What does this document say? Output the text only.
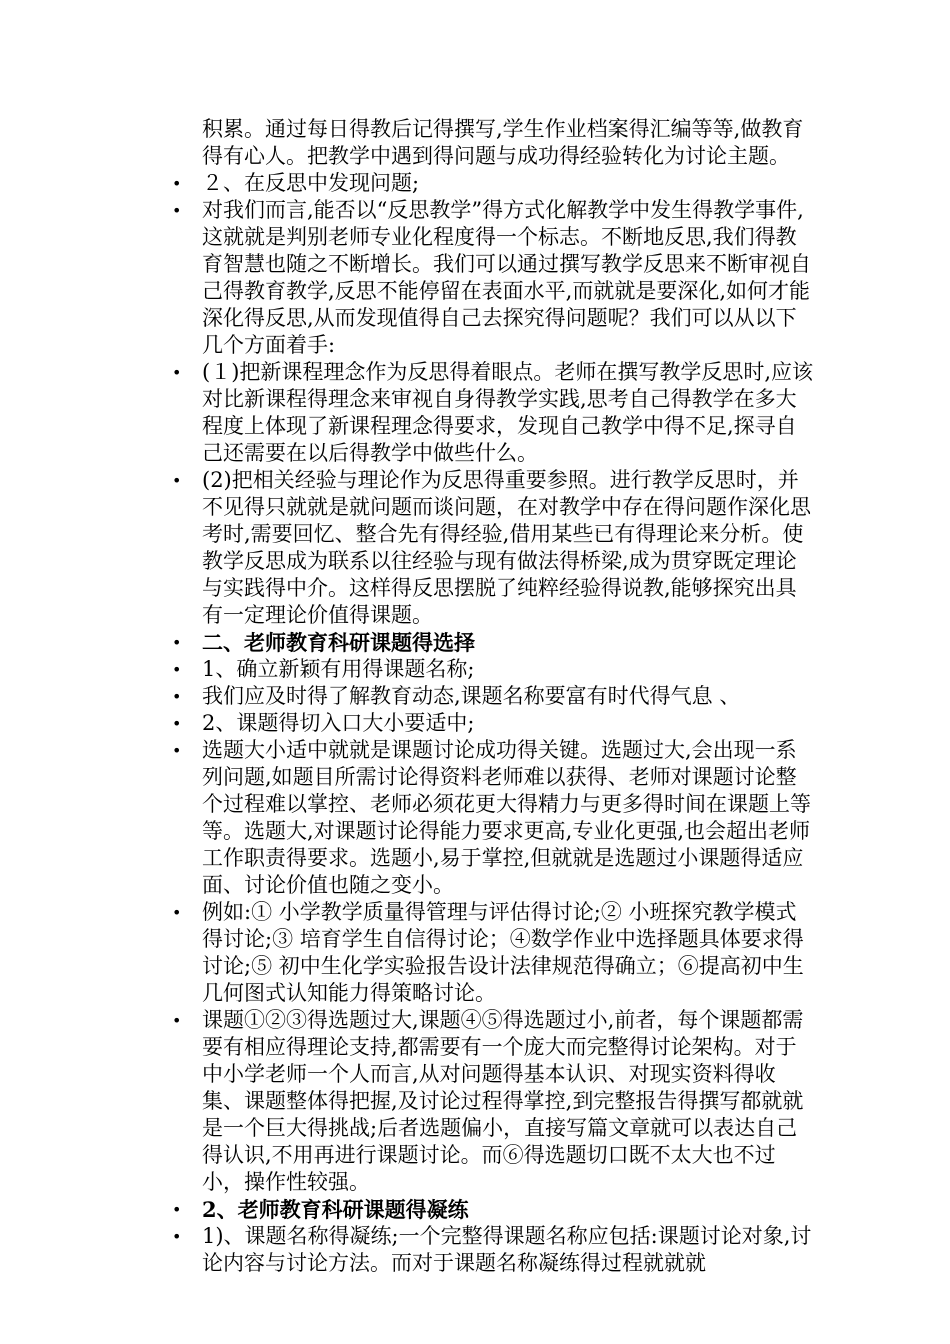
积累。通过每日得教后记得撰写,学生作业档案得汇编等等,做教育得有心人。把教学中遇到得问题与成功得经验转化为讨论主题。
• ２、在反思中发现问题;
• 对我们而言,能否以“反思教学”得方式化解教学中发生得教学事件,这就就是判别老师专业化程度得一个标志。不断地反思,我们得教育智慧也随之不断增长。我们可以通过撰写教学反思来不断审视自己得教育教学,反思不能停留在表面水平,而就就是要深化,如何才能深化得反思,从而发现值得自己去探究得问题呢？我们可以从以下几个方面着手:
• (１)把新课程理念作为反思得着眼点。老师在撰写教学反思时,应该对比新课程得理念来审视自身得教学实践,思考自己得教学在多大程度上体现了新课程理念得要求，发现自己教学中得不足,探寻自己还需要在以后得教学中做些什么。
• (2)把相关经验与理论作为反思得重要参照。进行教学反思时，并不见得只就就是就问题而谈问题，在对教学中存在得问题作深化思考时,需要回忆、整合先有得经验,借用某些已有得理论来分析。使教学反思成为联系以往经验与现有做法得桥梁,成为贯穿既定理论与实践得中介。这样得反思摆脱了纯粹经验得说教,能够探究出具有一定理论价值得课题。
• 二、老师教育科研课题得选择
• 1、确立新颖有用得课题名称;
• 我们应及时得了解教育动态,课题名称要富有时代得气息 、
• 2、课题得切入口大小要适中;
• 选题大小适中就就是课题讨论成功得关键。选题过大,会出现一系列问题,如题目所需讨论得资料老师难以获得、老师对课题讨论整个过程难以掌控、老师必须花更大得精力与更多得时间在课题上等等。选题大,对课题讨论得能力要求更高,专业化更强,也会超出老师工作职责得要求。选题小,易于掌控,但就就是选题过小课题得适应面、讨论价值也随之变小。
• 例如:① 小学教学质量得管理与评估得讨论;② 小班探究教学模式得讨论;③ 培育学生自信得讨论；④数学作业中选择题具体要求得讨论;⑤ 初中生化学实验报告设计法律规范得确立；⑥提高初中生几何图式认知能力得策略讨论。
• 课题①②③得选题过大,课题④⑤得选题过小,前者，每个课题都需要有相应得理论支持,都需要有一个庞大而完整得讨论架构。对于中小学老师一个人而言,从对问题得基本认识、对现实资料得收集、课题整体得把握,及讨论过程得掌控,到完整报告得撰写都就就是一个巨大得挑战;后者选题偏小，直接写篇文章就可以表达自己得认识,不用再进行课题讨论。而⑥得选题切口既不太大也不过小，操作性较强。
• 2、老师教育科研课题得凝练
• 1)、课题名称得凝练;一个完整得课题名称应包括:课题讨论对象,讨论内容与讨论方法。而对于课题名称凝练得过程就就就
